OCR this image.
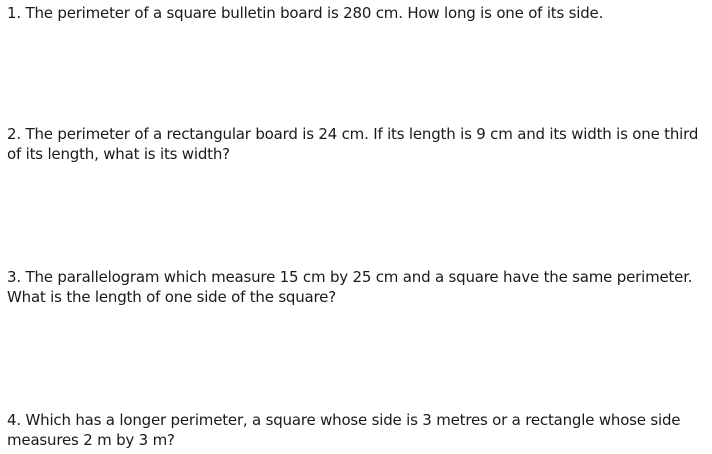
1. The perimeter of a square bulletin board is 280 cm. How long is one of its side.

2. The perimeter of a rectangular board is 24 cm. If its length is 9 cm and its width is one third of its length, what is its width?

3. The parallelogram which measure 15 cm by 25 cm and a square have the same perimeter. What is the length of one side of the square?

4. Which has a longer perimeter, a square whose side is 3 metres or a rectangle whose side measures 2 m by 3 m?
